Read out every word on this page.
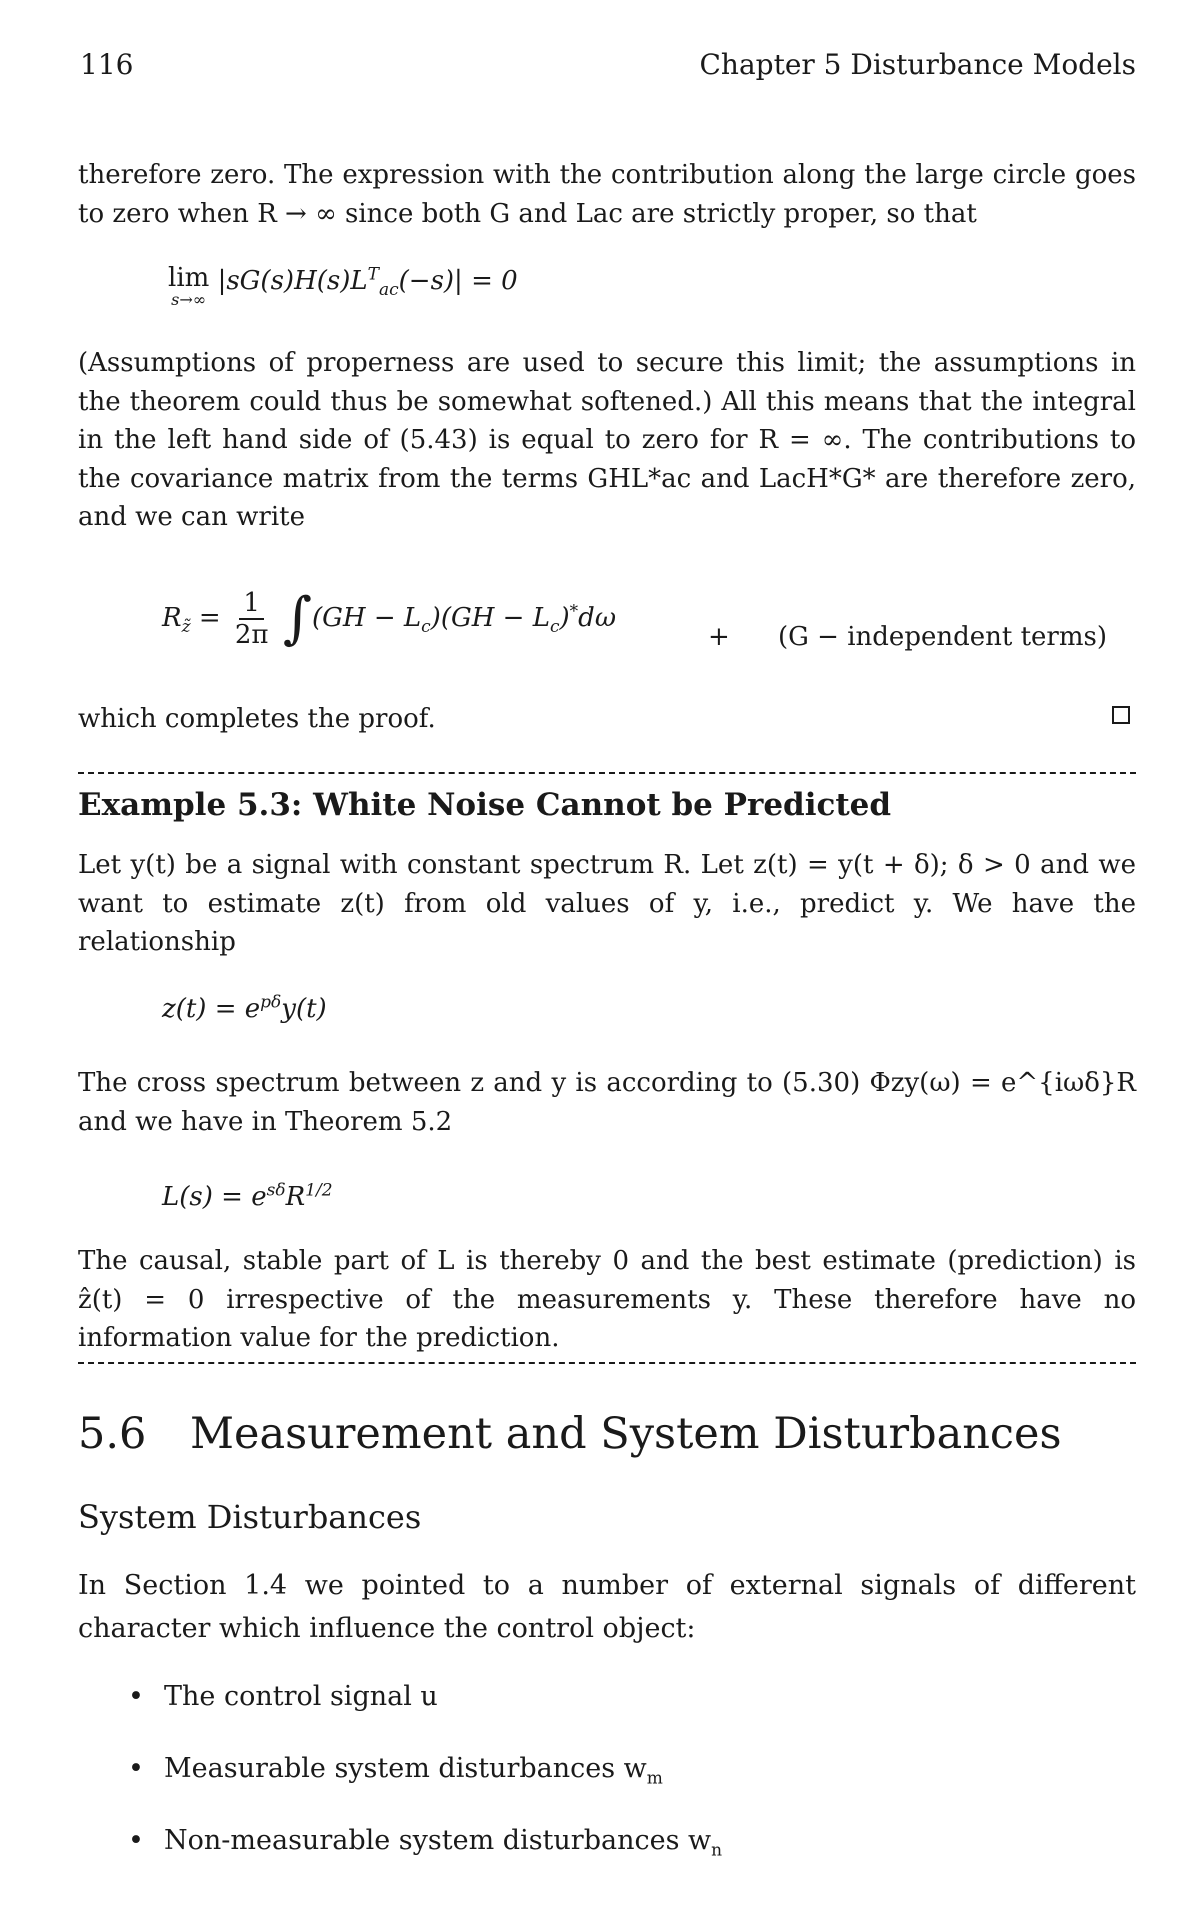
116	Chapter 5 Disturbance Models
therefore zero. The expression with the contribution along the large circle goes to zero when R → ∞ since both G and Lac are strictly proper, so that
lim
s→∞
$|sG(s)H(s)L^T_{ac}(-s)| = 0$
(Assumptions of properness are used to secure this limit; the assumptions in the theorem could thus be somewhat softened.) All this means that the integral in the left hand side of (5.43) is equal to zero for R = ∞. The contributions to the covariance matrix from the terms GHL*ac and LacH*G* are therefore zero, and we can write
$R_{z̃} = \frac{1}{2\pi} \int(GH - L_c)(GH - L_c)^*d\omega$
+ (G − independent terms)
which completes the proof.
Example 5.3: White Noise Cannot be Predicted
Let y(t) be a signal with constant spectrum R. Let z(t) = y(t + δ); δ > 0 and we want to estimate z(t) from old values of y, i.e., predict y. We have the relationship
$z(t) = e^{p\delta}y(t)$
The cross spectrum between z and y is according to (5.30) Φzy(ω) = e^{iωδ}R and we have in Theorem 5.2
$L(s) = e^{s\delta}R^{1/2}$
The causal, stable part of L is thereby 0 and the best estimate (prediction) is ẑ(t) = 0 irrespective of the measurements y. These therefore have no information value for the prediction.
5.6 Measurement and System Disturbances
System Disturbances
In Section 1.4 we pointed to a number of external signals of different character which influence the control object:
• The control signal u
• Measurable system disturbances $w_m$
• Non-measurable system disturbances $w_n$
